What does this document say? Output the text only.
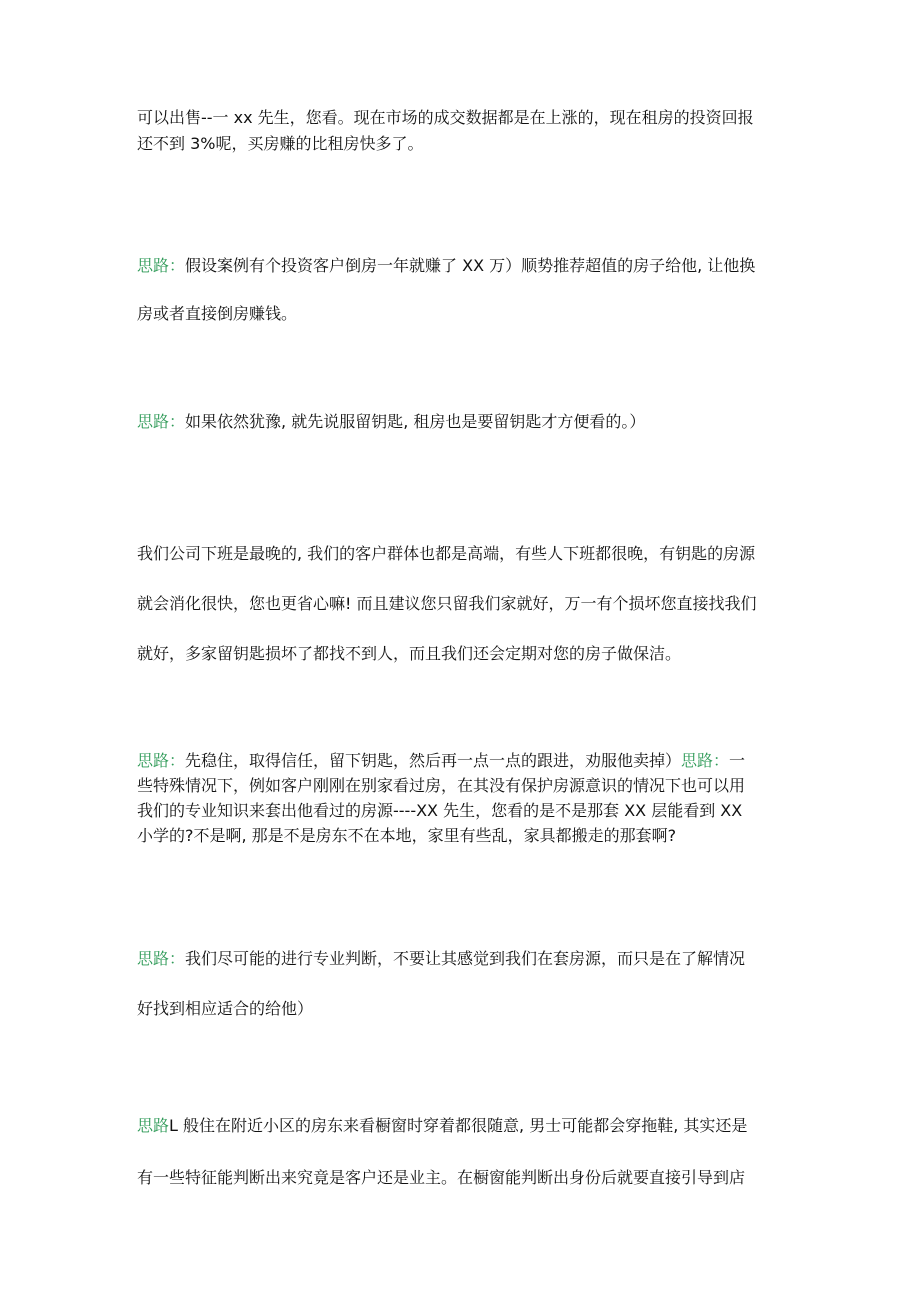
可以出售--一 xx 先生，您看。现在市场的成交数据都是在上涨的，现在租房的投资回报
还不到 3%呢，买房赚的比租房快多了。
思路：假设案例有个投资客户倒房一年就赚了 XX 万）顺势推荐超值的房子给他, 让他换
房或者直接倒房赚钱。
思路：如果依然犹豫, 就先说服留钥匙, 租房也是要留钥匙才方便看的。）
我们公司下班是最晚的, 我们的客户群体也都是高端，有些人下班都很晚，有钥匙的房源
就会消化很快，您也更省心嘛! 而且建议您只留我们家就好，万一有个损坏您直接找我们
就好，多家留钥匙损坏了都找不到人，而且我们还会定期对您的房子做保洁。
思路：先稳住，取得信任，留下钥匙，然后再一点一点的跟进，劝服他卖掉）思路：一
些特殊情况下，例如客户刚刚在别家看过房，在其没有保护房源意识的情况下也可以用
我们的专业知识来套出他看过的房源----XX 先生，您看的是不是那套 XX 层能看到 XX
小学的?不是啊, 那是不是房东不在本地，家里有些乱，家具都搬走的那套啊?
思路：我们尽可能的进行专业判断，不要让其感觉到我们在套房源，而只是在了解情况
好找到相应适合的给他）
思路L 般住在附近小区的房东来看橱窗时穿着都很随意, 男士可能都会穿拖鞋, 其实还是
有一些特征能判断出来究竟是客户还是业主。在橱窗能判断出身份后就要直接引导到店
